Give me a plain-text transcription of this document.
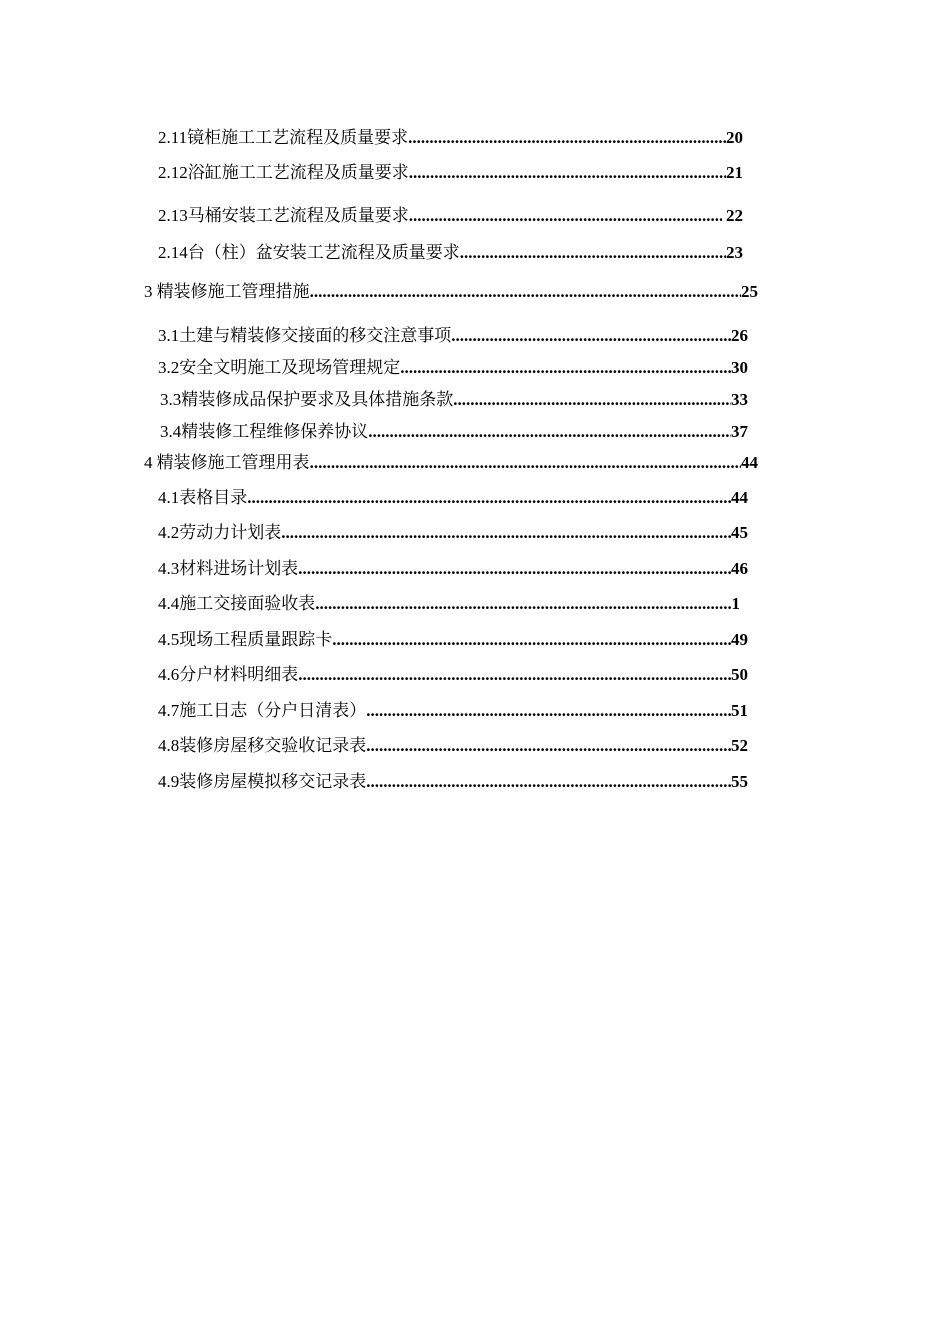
2.11 镜柜施工工艺流程及质量要求 .....	20
2.12 浴缸施工工艺流程及质量要求 .....	21
2.13 马桶安装工艺流程及质量要求 .....	22
2.14 台（柱）盆安装工艺流程及质量要求 .....	23
3 精装修施工管理措施 .....	25
3.1 土建与精装修交接面的移交注意事项 .....	26
3.2 安全文明施工及现场管理规定 .....	30
3.3 精装修成品保护要求及具体措施条款 .....	33
3.4 精装修工程维修保养协议 .....	37
4 精装修施工管理用表 .....	44
4.1 表格目录 .....	44
4.2 劳动力计划表 .....	45
4.3 材料进场计划表 .....	46
4.4 施工交接面验收表 .....	1
4.5 现场工程质量跟踪卡 .....	49
4.6 分户材料明细表 .....	50
4.7 施工日志（分户日清表） .....	51
4.8 装修房屋移交验收记录表 .....	52
4.9 装修房屋模拟移交记录表 .....	55
